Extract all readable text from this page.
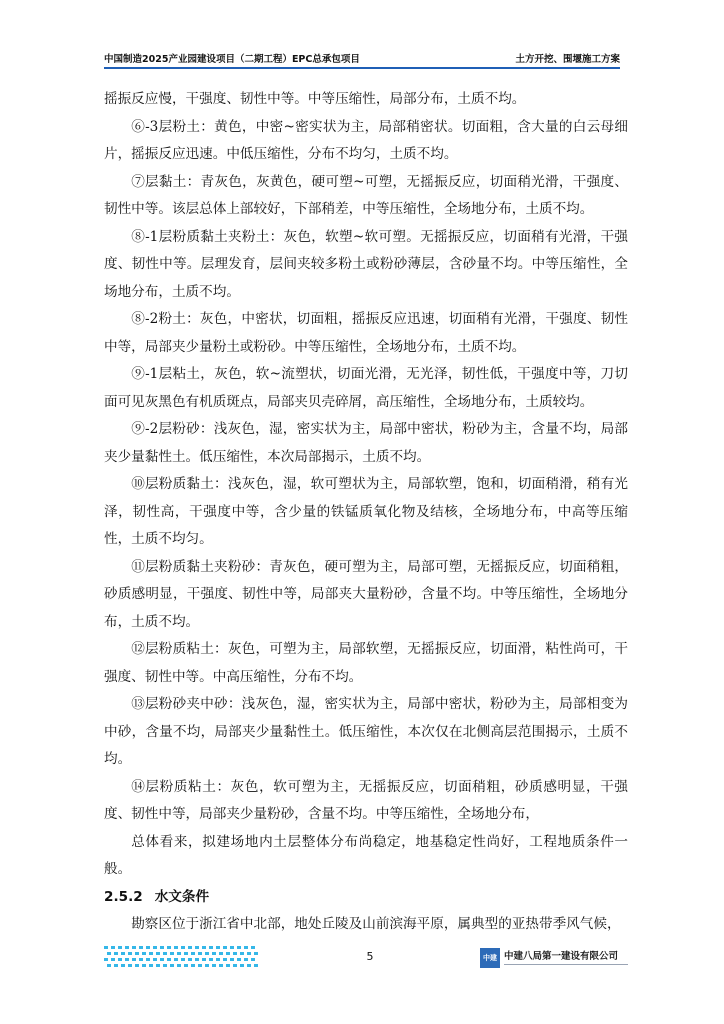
中国制造2025产业园建设项目（二期工程）EPC总承包项目	土方开挖、围堰施工方案

摇振反应慢，干强度、韧性中等。中等压缩性，局部分布，土质不均。

⑥-3层粉土：黄色，中密~密实状为主，局部稍密状。切面粗，含大量的白云母细片，摇振反应迅速。中低压缩性，分布不均匀，土质不均。

⑦层黏土：青灰色，灰黄色，硬可塑~可塑，无摇振反应，切面稍光滑，干强度、韧性中等。该层总体上部较好，下部稍差，中等压缩性，全场地分布，土质不均。

⑧-1层粉质黏土夹粉土：灰色，软塑~软可塑。无摇振反应，切面稍有光滑，干强度、韧性中等。层理发育，层间夹较多粉土或粉砂薄层，含砂量不均。中等压缩性，全场地分布，土质不均。

⑧-2粉土：灰色，中密状，切面粗，摇振反应迅速，切面稍有光滑，干强度、韧性中等，局部夹少量粉土或粉砂。中等压缩性，全场地分布，土质不均。

⑨-1层粘土，灰色，软~流塑状，切面光滑，无光泽，韧性低，干强度中等，刀切面可见灰黑色有机质斑点，局部夹贝壳碎屑，高压缩性，全场地分布，土质较均。

⑨-2层粉砂：浅灰色，湿，密实状为主，局部中密状，粉砂为主，含量不均，局部夹少量黏性土。低压缩性，本次局部揭示，土质不均。

⑩层粉质黏土：浅灰色，湿，软可塑状为主，局部软塑，饱和，切面稍滑，稍有光泽，韧性高，干强度中等，含少量的铁锰质氧化物及结核，全场地分布，中高等压缩性，土质不均匀。

⑪层粉质黏土夹粉砂：青灰色，硬可塑为主，局部可塑，无摇振反应，切面稍粗，砂质感明显，干强度、韧性中等，局部夹大量粉砂，含量不均。中等压缩性，全场地分布，土质不均。

⑫层粉质粘土：灰色，可塑为主，局部软塑，无摇振反应，切面滑，粘性尚可，干强度、韧性中等。中高压缩性，分布不均。

⑬层粉砂夹中砂：浅灰色，湿，密实状为主，局部中密状，粉砂为主，局部相变为中砂，含量不均，局部夹少量黏性土。低压缩性，本次仅在北侧高层范围揭示，土质不均。

⑭层粉质粘土：灰色，软可塑为主，无摇振反应，切面稍粗，砂质感明显，干强度、韧性中等，局部夹少量粉砂，含量不均。中等压缩性，全场地分布，

总体看来，拟建场地内土层整体分布尚稳定，地基稳定性尚好，工程地质条件一般。

2.5.2 水文条件

勘察区位于浙江省中北部，地处丘陵及山前滨海平原，属典型的亚热带季风气候，

5	中建 中建八局第一建设有限公司
